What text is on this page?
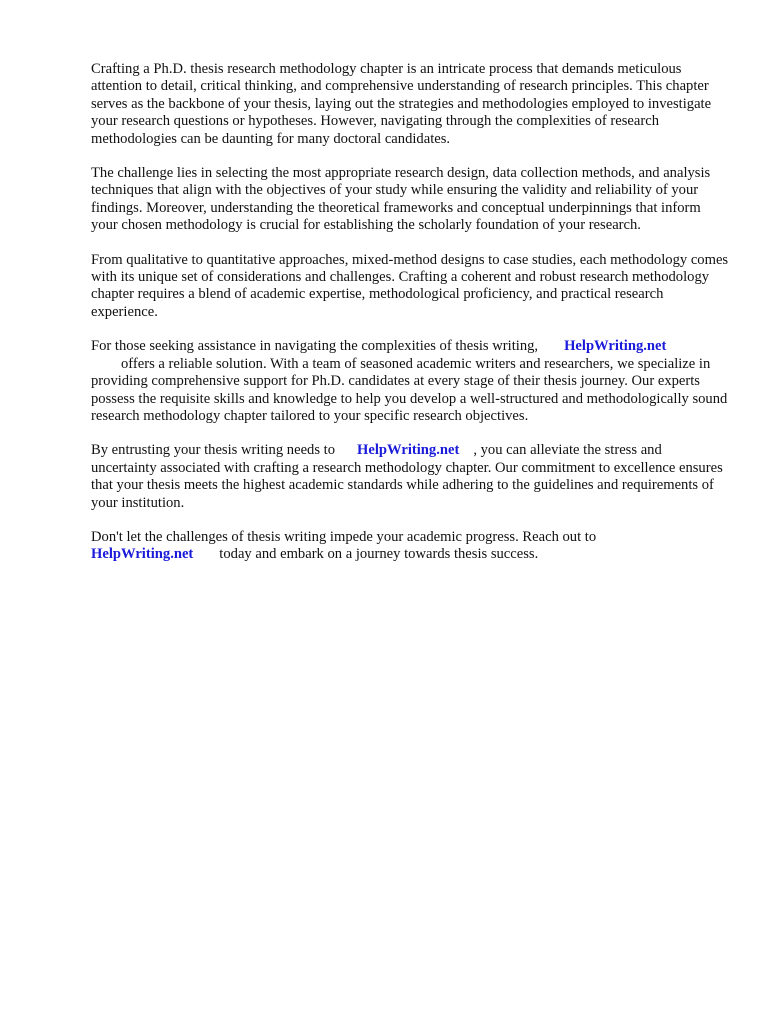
Crafting a Ph.D. thesis research methodology chapter is an intricate process that demands meticulous attention to detail, critical thinking, and comprehensive understanding of research principles. This chapter serves as the backbone of your thesis, laying out the strategies and methodologies employed to investigate your research questions or hypotheses. However, navigating through the complexities of research methodologies can be daunting for many doctoral candidates.

The challenge lies in selecting the most appropriate research design, data collection methods, and analysis techniques that align with the objectives of your study while ensuring the validity and reliability of your findings. Moreover, understanding the theoretical frameworks and conceptual underpinnings that inform your chosen methodology is crucial for establishing the scholarly foundation of your research.

From qualitative to quantitative approaches, mixed-method designs to case studies, each methodology comes with its unique set of considerations and challenges. Crafting a coherent and robust research methodology chapter requires a blend of academic expertise, methodological proficiency, and practical research experience.

For those seeking assistance in navigating the complexities of thesis writing, HelpWriting.net
offers a reliable solution. With a team of seasoned academic writers and researchers, we specialize in providing comprehensive support for Ph.D. candidates at every stage of their thesis journey. Our experts possess the requisite skills and knowledge to help you develop a well-structured and methodologically sound research methodology chapter tailored to your specific research objectives.

By entrusting your thesis writing needs to HelpWriting.net , you can alleviate the stress and uncertainty associated with crafting a research methodology chapter. Our commitment to excellence ensures that your thesis meets the highest academic standards while adhering to the guidelines and requirements of your institution.

Don't let the challenges of thesis writing impede your academic progress. Reach out to
HelpWriting.net today and embark on a journey towards thesis success.
